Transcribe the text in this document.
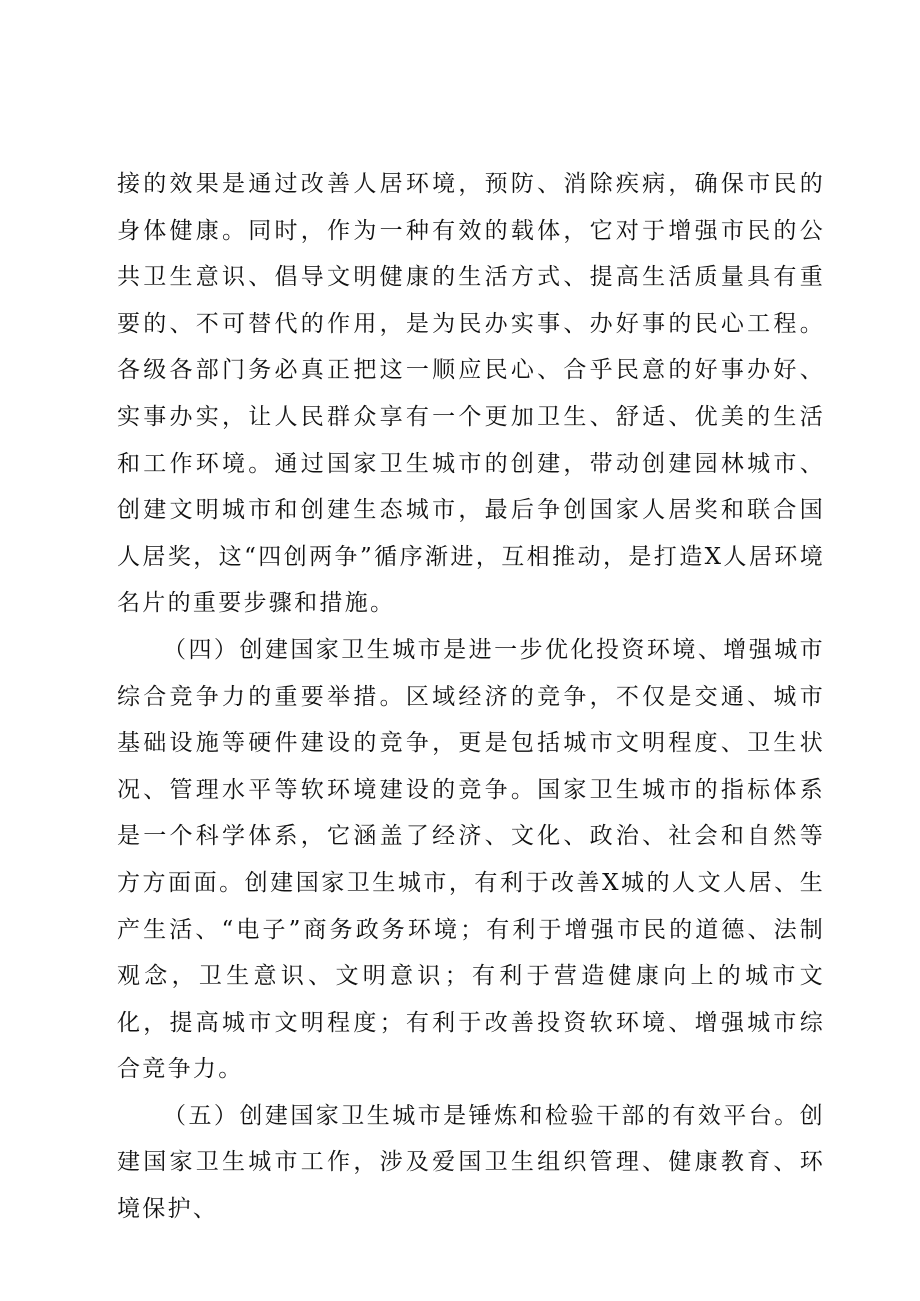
接的效果是通过改善人居环境，预防、消除疾病，确保市民的身体健康。同时，作为一种有效的载体，它对于增强市民的公共卫生意识、倡导文明健康的生活方式、提高生活质量具有重要的、不可替代的作用，是为民办实事、办好事的民心工程。各级各部门务必真正把这一顺应民心、合乎民意的好事办好、实事办实，让人民群众享有一个更加卫生、舒适、优美的生活和工作环境。通过国家卫生城市的创建，带动创建园林城市、创建文明城市和创建生态城市，最后争创国家人居奖和联合国人居奖，这“四创两争”循序渐进，互相推动，是打造X人居环境名片的重要步骤和措施。

（四）创建国家卫生城市是进一步优化投资环境、增强城市综合竞争力的重要举措。区域经济的竞争，不仅是交通、城市基础设施等硬件建设的竞争，更是包括城市文明程度、卫生状况、管理水平等软环境建设的竞争。国家卫生城市的指标体系是一个科学体系，它涵盖了经济、文化、政治、社会和自然等方方面面。创建国家卫生城市，有利于改善X城的人文人居、生产生活、“电子”商务政务环境；有利于增强市民的道德、法制观念，卫生意识、文明意识；有利于营造健康向上的城市文化，提高城市文明程度；有利于改善投资软环境、增强城市综合竞争力。

（五）创建国家卫生城市是锤炼和检验干部的有效平台。创建国家卫生城市工作，涉及爱国卫生组织管理、健康教育、环境保护、
